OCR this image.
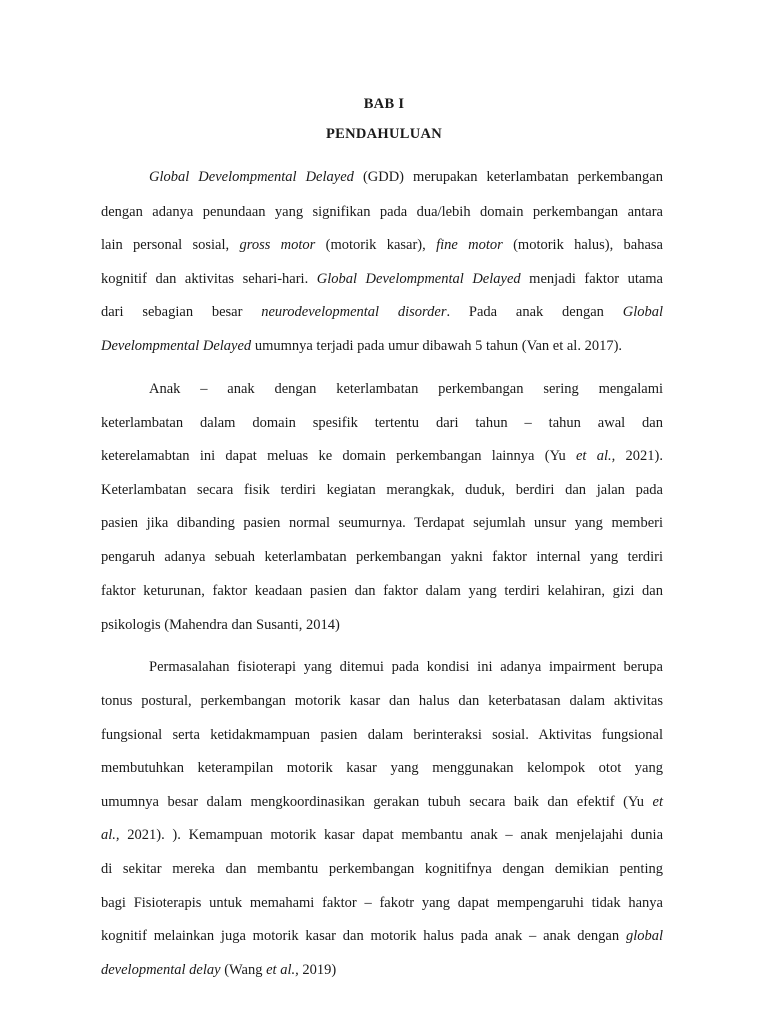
BAB I
PENDAHULUAN
Global Develompmental Delayed (GDD) merupakan keterlambatan perkembangan
dengan adanya penundaan yang signifikan pada dua/lebih domain perkembangan antara
lain personal sosial, gross motor (motorik kasar), fine motor (motorik halus), bahasa
kognitif dan aktivitas sehari-hari. Global Develompmental Delayed menjadi faktor utama
dari sebagian besar neurodevelopmental disorder. Pada anak dengan Global
Develompmental Delayed umumnya terjadi pada umur dibawah 5 tahun (Van et al. 2017).
Anak – anak dengan keterlambatan perkembangan sering mengalami
keterlambatan dalam domain spesifik tertentu dari tahun – tahun awal dan
keterelamabtan ini dapat meluas ke domain perkembangan lainnya (Yu et al., 2021).
Keterlambatan secara fisik terdiri kegiatan merangkak, duduk, berdiri dan jalan pada
pasien jika dibanding pasien normal seumurnya. Terdapat sejumlah unsur yang memberi
pengaruh adanya sebuah keterlambatan perkembangan yakni faktor internal yang terdiri
faktor keturunan, faktor keadaan pasien dan faktor dalam yang terdiri kelahiran, gizi dan
psikologis (Mahendra dan Susanti, 2014)
Permasalahan fisioterapi yang ditemui pada kondisi ini adanya impairment berupa
tonus postural, perkembangan motorik kasar dan halus dan keterbatasan dalam aktivitas
fungsional serta ketidakmampuan pasien dalam berinteraksi sosial. Aktivitas fungsional
membutuhkan keterampilan motorik kasar yang menggunakan kelompok otot yang
umumnya besar dalam mengkoordinasikan gerakan tubuh secara baik dan efektif (Yu et
al., 2021). ). Kemampuan motorik kasar dapat membantu anak – anak menjelajahi dunia
di sekitar mereka dan membantu perkembangan kognitifnya dengan demikian penting
bagi Fisioterapis untuk memahami faktor – fakotr yang dapat mempengaruhi tidak hanya
kognitif melainkan juga motorik kasar dan motorik halus pada anak – anak dengan global
developmental delay (Wang et al., 2019)
